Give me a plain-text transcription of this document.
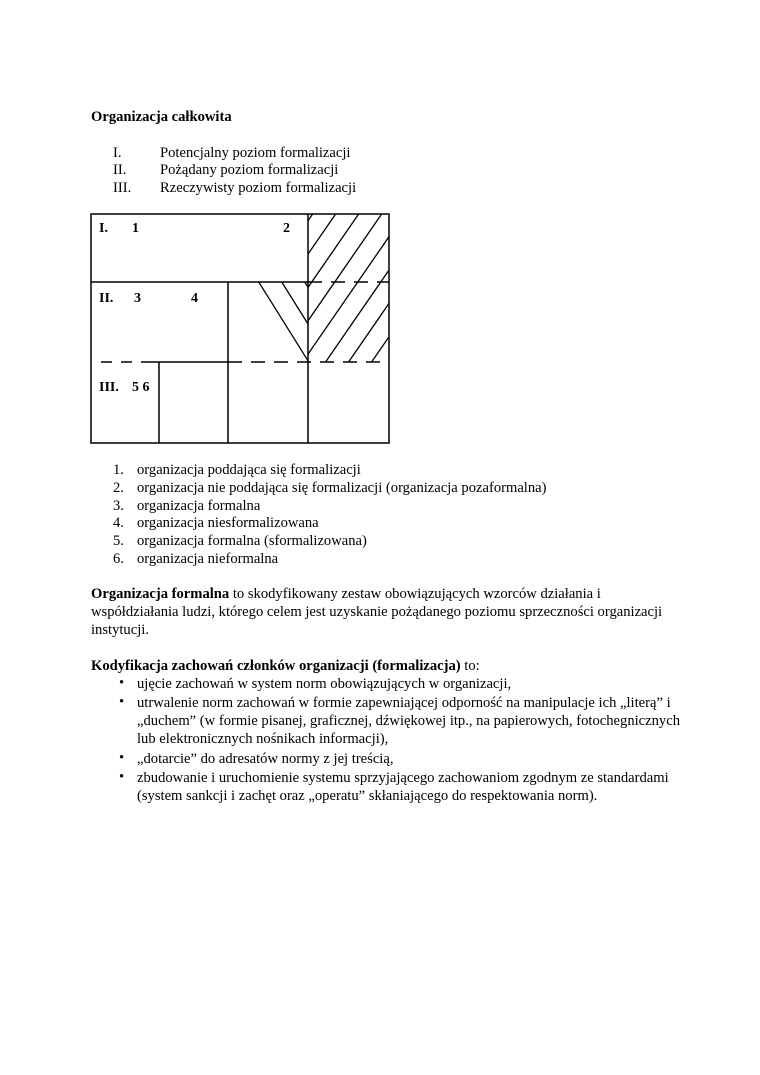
Organizacja całkowita
I.	Potencjalny poziom formalizacji
II. Pożądany poziom formalizacji
III. Rzeczywisty poziom formalizacji
I. 1	2
II. 3	4
III. 5 6
1. organizacja poddająca się formalizacji
2. organizacja nie poddająca się formalizacji (organizacja pozaformalna)
3. organizacja formalna
4. organizacja niesformalizowana
5. organizacja formalna (sformalizowana)
6. organizacja nieformalna
Organizacja formalna to skodyfikowany zestaw obowiązujących wzorców działania i współdziałania ludzi, którego celem jest uzyskanie pożądanego poziomu sprzeczności organizacji instytucji.
Kodyfikacja zachowań członków organizacji (formalizacja) to:
• ujęcie zachowań w system norm obowiązujących w organizacji,
• utrwalenie norm zachowań w formie zapewniającej odporność na manipulacje ich „literą” i „duchem” (w formie pisanej, graficznej, dźwiękowej itp., na papierowych, fotochegnicznych lub elektronicznych nośnikach informacji),
• „dotarcie” do adresatów normy z jej treścią,
• zbudowanie i uruchomienie systemu sprzyjającego zachowaniom zgodnym ze standardami (system sankcji i zachęt oraz „operatu” skłaniającego do respektowania norm).
